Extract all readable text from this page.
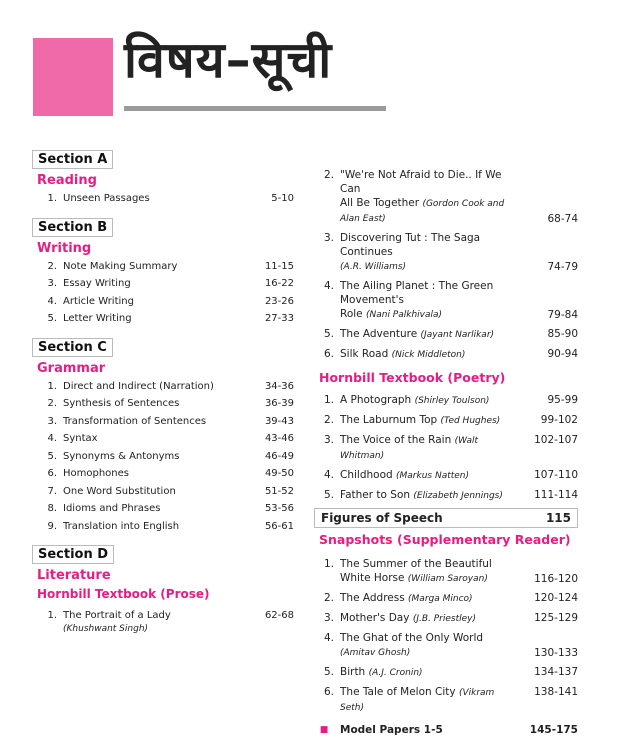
विषय–सूची
Section A
Reading
1. Unseen Passages	5-10
Section B
Writing
2. Note Making Summary	11-15
3. Essay Writing	16-22
4. Article Writing	23-26
5. Letter Writing	27-33
Section C
Grammar
1. Direct and Indirect (Narration)	34-36
2. Synthesis of Sentences	36-39
3. Transformation of Sentences	39-43
4. Syntax	43-46
5. Synonyms & Antonyms	46-49
6. Homophones	49-50
7. One Word Substitution	51-52
8. Idioms and Phrases	53-56
9. Translation into English	56-61
Section D
Literature
Hornbill Textbook (Prose)
1. The Portrait of a Lady (Khushwant Singh)
62-68
2. "We're Not Afraid to Die.. If We Can
All Be Together (Gordon Cook and Alan East)	68-74
3. Discovering Tut : The Saga Continues
(A.R. Williams)	74-79
4. The Ailing Planet : The Green Movement's
Role (Nani Palkhivala)	79-84
5. The Adventure (Jayant Narlikar)	85-90
6. Silk Road (Nick Middleton)	90-94
Hornbill Textbook (Poetry)
1. A Photograph (Shirley Toulson)	95-99
2. The Laburnum Top (Ted Hughes)	99-102
3. The Voice of the Rain (Walt Whitman)
102-107
4. Childhood (Markus Natten)	107-110
5. Father to Son (Elizabeth Jennings)	111-114
Figures of Speech	115
Snapshots (Supplementary Reader)
1. The Summer of the Beautiful
White Horse (William Saroyan)	116-120
2. The Address (Marga Minco)	120-124
3. Mother's Day (J.B. Priestley)	125-129
4. The Ghat of the Only World
(Amitav Ghosh)	130-133
5. Birth (A.J. Cronin)	134-137
6. The Tale of Melon City (Vikram Seth)
138-141
■	Model Papers 1-5	145-175
